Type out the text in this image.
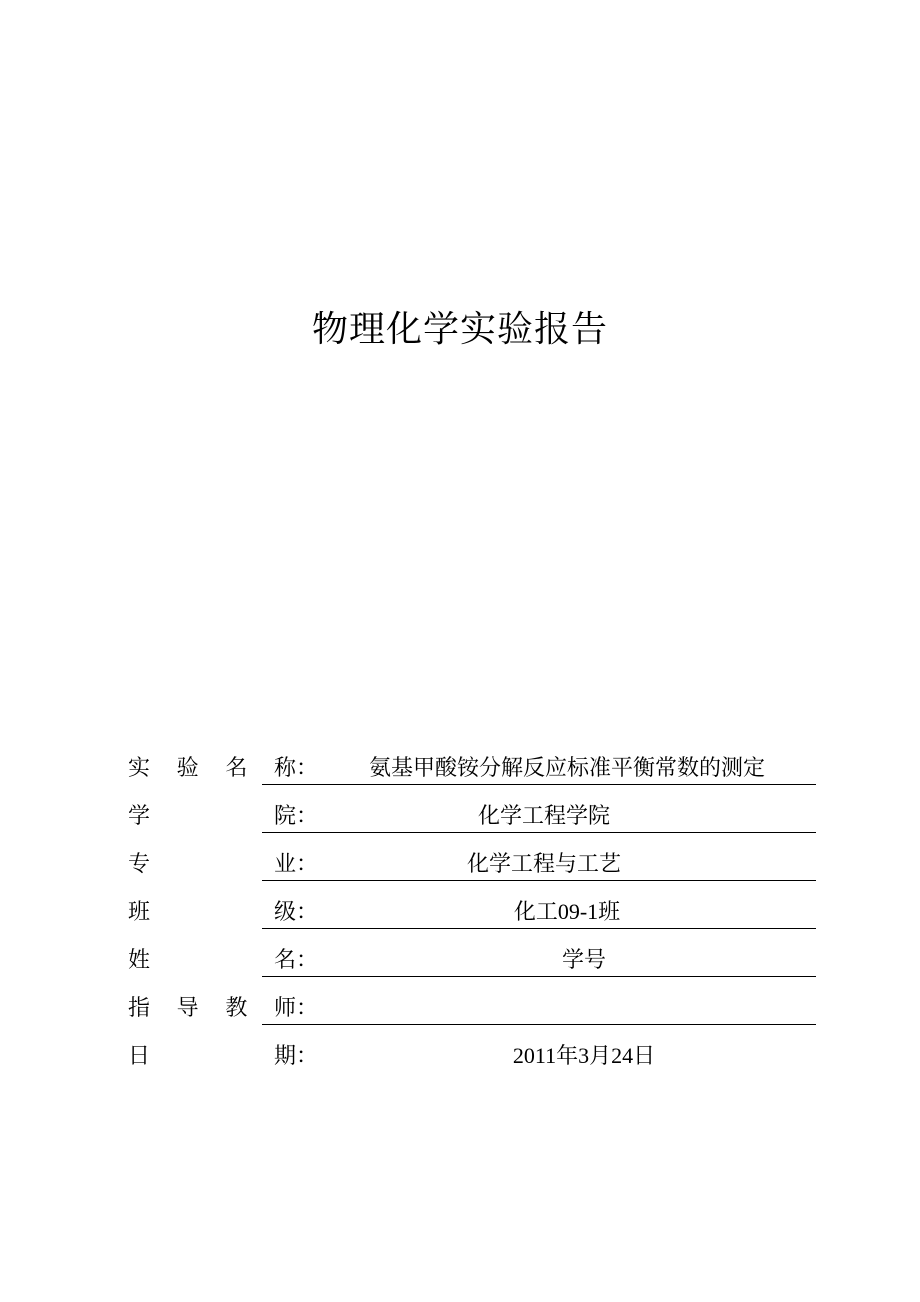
物理化学实验报告
实 验 名 称：	氨基甲酸铵分解反应标准平衡常数的测定
学	院：	化学工程学院
专	业：	化学工程与工艺
班	级：	化工09-1班
姓	名：	学号
指 导 教 师：
日	期：	2011年3月24日
